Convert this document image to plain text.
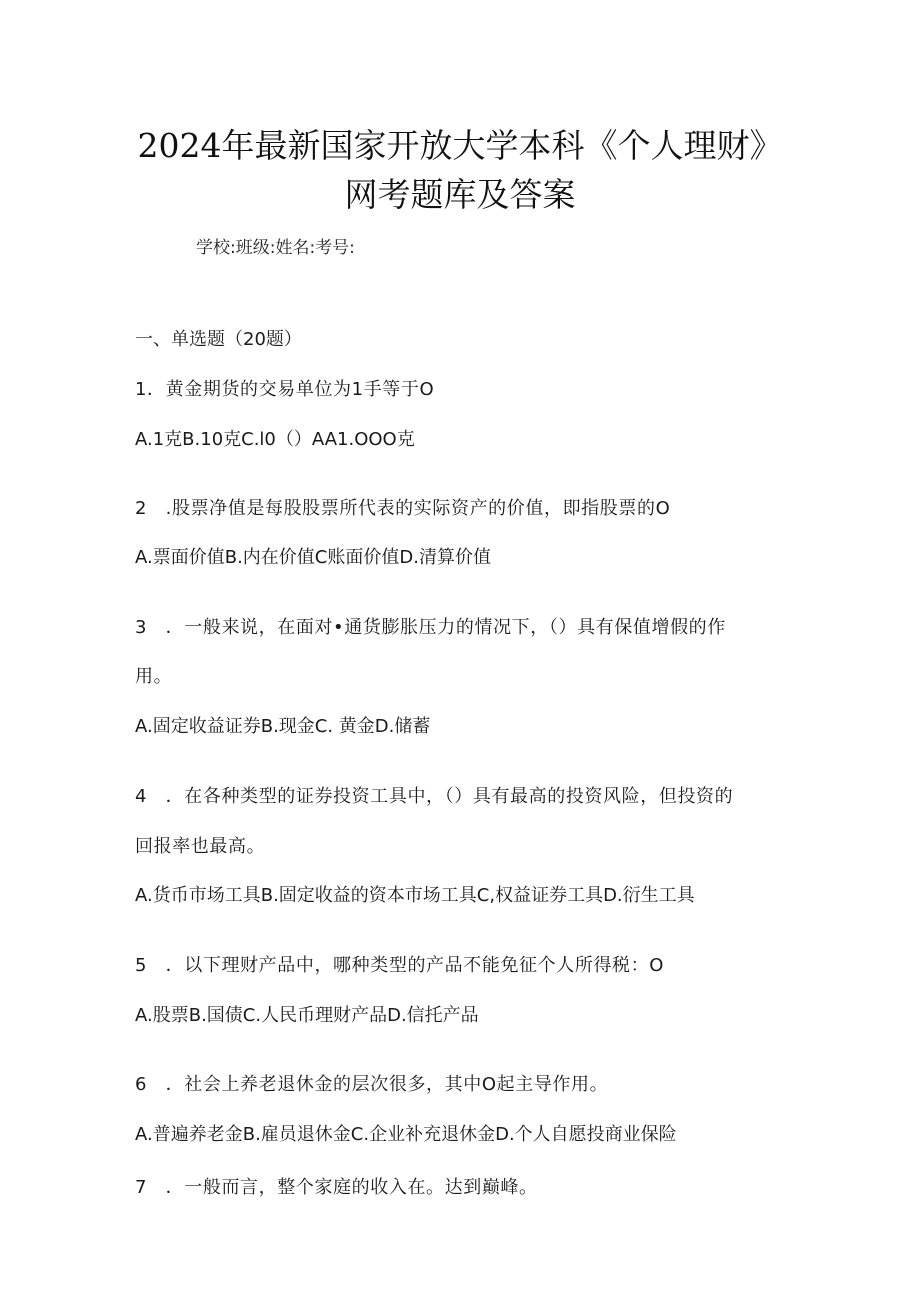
2024年最新国家开放大学本科《个人理财》
网考题库及答案
学校:班级:姓名:考号:
一、单选题（20题）
1．黄金期货的交易单位为1手等于O
A.1克B.10克C.l0（）AA1.OOO克
2　.股票净值是每股股票所代表的实际资产的价值，即指股票的O
A.票面价值B.内在价值C账面价值D.清算价值
3　．一般来说，在面对•通货膨胀压力的情况下，（）具有保值增假的作
用。
A.固定收益证券B.现金C. 黄金D.储蓄
4　．在各种类型的证券投资工具中，（）具有最高的投资风险，但投资的
回报率也最高。
A.货币市场工具B.固定收益的资本市场工具C,权益证券工具D.衍生工具
5　．以下理财产品中，哪种类型的产品不能免征个人所得税：O
A.股票B.国债C.人民币理财产品D.信托产品
6　．社会上养老退休金的层次很多，其中O起主导作用。
A.普遍养老金B.雇员退休金C.企业补充退休金D.个人自愿投商业保险
7　．一般而言，整个家庭的收入在。达到巅峰。
